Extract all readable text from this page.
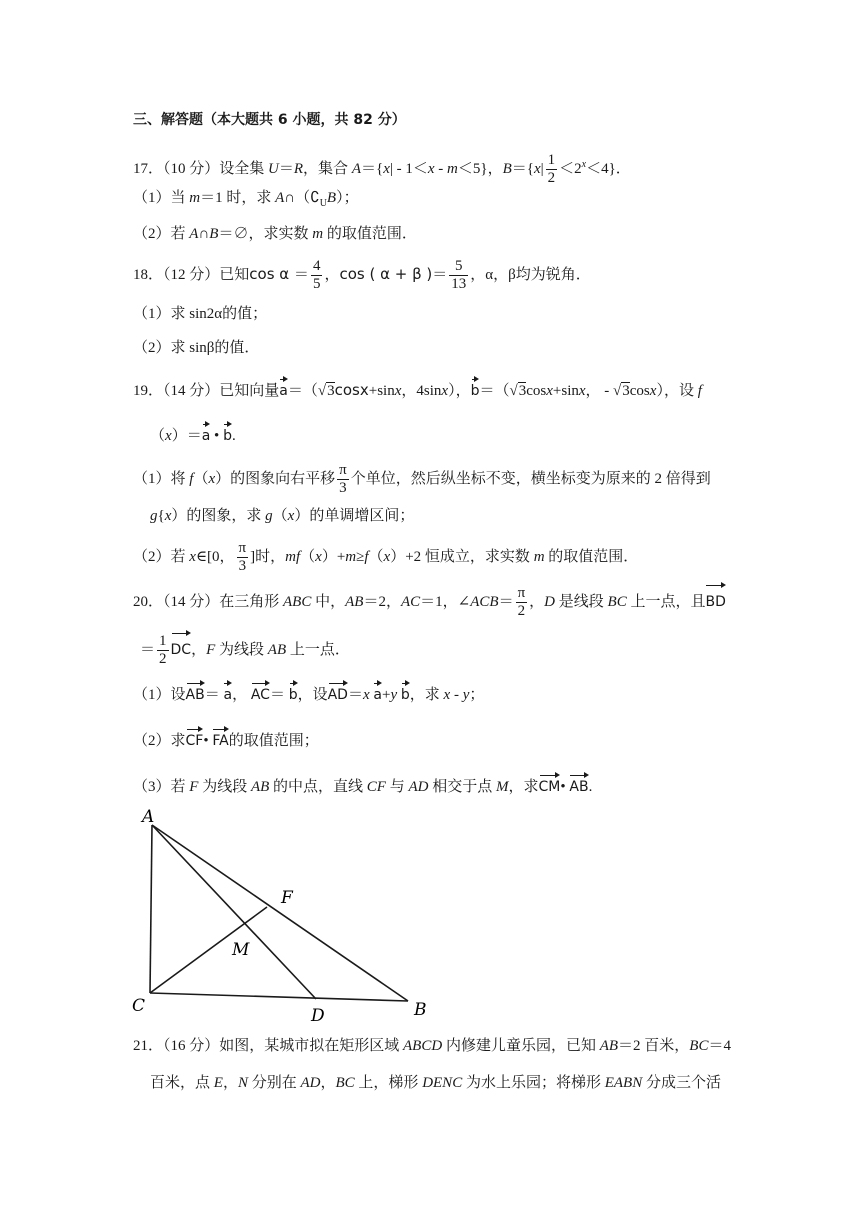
三、解答题（本大题共 6 小题，共 82 分）
17．（10 分）设全集 U＝R，集合 A＝{x| ‐ 1＜x ‐ m＜5}，$B=\{x| \frac{1}{2} <2^x<4\}$．
（1）当 m＝1 时，求 $A\cap(∁_UB)$；
（2）若 A∩B＝∅，求实数 m 的取值范围．
18．（12 分）已知$\cos \alpha = \frac{4}{5}$ ，cos ( α + β )＝ $\frac{5}{13}$ ，α，β均为锐角．
（1）求 sin2α的值；
（2）求 sinβ的值．
19．（14 分）已知向量a＝（√3cosx+sinx，4sinx），b＝（√3cosx+sinx， ‐ √3cosx），设 f
（x）＝a • b.
（1）将 f（x）的图象向右平移 $\frac{\pi}{3}$ 个单位，然后纵坐标不变，横坐标变为原来的 2 倍得到
g{x）的图象，求 g（x）的单调增区间；
（2）若 x∈[0， $\frac{\pi}{3}$ ]时，mf（x）+m≥f（x）+2 恒成立，求实数 m 的取值范围．
20．（14 分）在三角形 ABC 中，AB＝2，AC＝1，∠ACB＝ $\frac{\pi}{2}$ ，D 是线段 BC 上一点，且BD
＝ $\frac{1}{2}$ DC，F 为线段 AB 上一点．
（1）设AB＝ a， AC＝ b，设AD＝x a+y b，求 x ‐ y；
（2）求CF• FA的取值范围；
（3）若 F 为线段 AB 的中点，直线 CF 与 AD 相交于点 M，求CM• AB.
A
C	D	B
F
M
21．（16 分）如图，某城市拟在矩形区域 ABCD 内修建儿童乐园，已知 AB＝2 百米，BC＝4
百米，点 E，N 分别在 AD，BC 上，梯形 DENC 为水上乐园；将梯形 EABN 分成三个活
